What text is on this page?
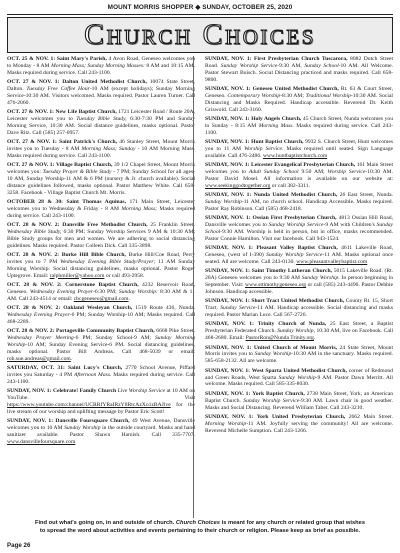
MOUNT MORRIS SHOPPER ◆ SUNDAY, OCTOBER 25, 2020
Church Choices

OCT. 25 & NOV. 1: Saint Mary's Parish, 4 Avon Road, Geneseo welcomes you to Monday - 8 AM Morning Mass; Sunday Morning Masses: 8 AM and 10:15 AM. Masks required during service. Call 243-1100.

OCT. 27 & NOV. 1: Dalton United Methodist Church, 10074 State Street, Dalton. Tuesday Free Coffee Hour-10 AM (except holidays); Sunday Morning Service-10:30 AM. Visitors welcomed. Masks required. Pastor Lauren Turner. Call 476-2060.

OCT. 27 & NOV. 1: New Life Baptist Church, 1721 Leicester Road / Route 20A, Leicester welcomes you to Tuesday Bible Study, 6:30-7:30 PM and Sunday Morning Service, 10:30 AM. Social distance guidelines, masks optional. Pastor Dave Ritz. Call (585) 257-0957.

OCT. 27 & NOV. 1: Saint Patrick's Church, 46 Stanley Street, Mount Morris invites you to Tuesday - 8 AM Morning Mass; Sunday - 10 AM Morning Mass. Masks required during service. Call 243-1100.

OCT. 27 & NOV. 1: Village Baptist Church, 39 1/2 Chapel Street, Mount Morris welcomes you: Tuesday Prayer & Bible Study - 7 PM; Sunday School for all ages-10 AM, Sunday Worship-11 AM & 6 PM (nursery & Jr. church available). Social distance guidelines followed, masks optional. Pastor Matthew White. Call 658-3258. Facebook - Village Baptist Church Mt. Morris.

OCTOBER 28 & 30: Saint Thomas Aquinas, 171 Main Street, Leicester welcomes you to Wednesday & Friday - 8 AM Morning Mass; Masks required during service. Call 243-1100.

OCT. 28 & NOV. 2: Dansville Free Methodist Church, 25 Franklin Street. Wednesday Bible Study, 6:30 PM; Sunday Worship Services 9 AM & 10:30 AM; Bible Study groups for men and women. We are adhering to social distancing guidelines. Masks required. Pastor Colleen Dick. Call 335-3898.

OCT. 28 & NOV. 2: Burke Hill Bible Church, Burke Hill/Coe Road, Perry invites you to 7 PM Wednesday Evening Bible Study/Prayer; 11 AM Sunday Morning Worship. Social distancing guidelines, masks optional. Pastor Roger Uptegrove. Email: ralphmiller@yahoo.com or call 493-2958.

OCT. 28 & NOV. 2: Cornerstone Baptist Church, 4232 Reservoir Road, Geneseo. Wednesday Evening Prayer-6:30 PM; Sunday Worship: 8:30 AM & 11 AM. Call 243-4514 or email: cbcgeneseo@gmail.com.

OCT. 28 & NOV. 2: Oakland Wesleyan Church, 1519 Route 436, Nunda. Wednesday Evening Prayer-6 PM; Sunday Worship-10 AM; Masks required. Call 468-2289.

OCT. 28 & NOV. 2: Portageville Community Baptist Church, 6668 Pike Street. Wednesday Prayer Meeting-6 PM; Sunday School-9 AM; Sunday Morning Worship-10 AM; Sunday Evening Service-6 PM. Social distancing guidelines, masks optional. Pastor Bill Andreas. Call 468-5039 or email: rob.sue.andreas@gmail.com.

SATURDAY, OCT. 31: Saint Lucy's Church, 2770 School Avenue, Piffard invites you Saturday - 4 PM Afternoon Mass. Masks required during service. Call 243-1100.

SUNDAY, NOV. 1: Celebrate! Family Church Live Worship Service at 10 AM on YouTube. Visit https://www.youtube.com/channel/UCRRfYRaIRzY8RtcAzXo1zBAJlve for the live stream of our worship and uplifting message by Pastor Eric Scott!

SUNDAY, NOV. 1: Dansville Foursquare Church, 49 West Avenue, Dansville welcomes you to 10 AM Sunday Worship in the outside courtyard. Masks and hand sanitizer available. Pastor Shawn Harnish. Call 335-7707. www.dansvillefoursquare.com

SUNDAY, NOV. 1: First Presbyterian Church Tuscarora, 8082 Dutch Street Road. Sunday Worship Service-9:30 AM, Sunday School-10 AM. All Welcome. Pastor Stewart Buisch. Social Distancing practiced and masks required. Call 658-9800.

SUNDAY, NOV. 1: Geneseo United Methodist Church, Rt. 63 & Court Street, Geneseo. Contemporary Worship-8:30 AM; Traditional Worship-10:30 AM. Social Distancing and Masks Required. Handicap accessible. Reverend Dr. Keith Griswold. Call 243-3160.

SUNDAY, NOV. 1: Holy Angels Church, 45 Church Street, Nunda welcomes you to Sunday - 8:15 AM Morning Mass. Masks required during service. Call 243-1100.

SUNDAY, NOV. 1: Hunt Baptist Church, 9932 S. Church Street, Hunt welcomes you to 11 AM Worship Service. Masks required until seated. Sign Language available. Call 476-2486. www.huntbaptistchurch.com

SUNDAY, NOV. 1: Leicester Evangelical Presbyterian Church, 161 Main Street welcomes you to Adult Sunday School 9:50 AM; Worship Service-10:30 AM. Pastor David Mosel. All information is available on our website at: www.seekinggodtogether.org or call 382-3311.

SUNDAY, NOV. 1: Nunda United Methodist Church, 26 East Street, Nunda. Sunday Worship-11 AM, no church school. Handicap Accessible. Masks required. Pastor Ray Robinson. Call (585) 468-2418.

SUNDAY, NOV. 1: Ossian First Presbyterian Church, 4813 Ossian Hill Road, Dansville welcomes you to Sunday Worship Service-9 AM with Children's Sunday School-9:30 AM. Worship is held in person, but in office, masks recommended. Pastor Connie Hamilton. Visit our facebook. Call 943-1524.

SUNDAY, NOV. 1: Pleasant Valley Baptist Church, 4611 Lakeville Road, Geneseo, (west of I-390) Sunday Worship Service-11 AM. Masks optional once seated. All are welcome. Call 243-0130. www.pleasantvalleybaptist.com

SUNDAY, NOV. 1: Saint Timothy Lutheran Church, 5015 Lakeville Road. (Rt. 20A) Geneseo welcomes you to 9:30 AM Sunday Worship. In person beginning in September. Visit: www.sttimothygeneseo.org or call (585) 243-4490. Pastor Debbie Johnson. Handicap accessible.

SUNDAY, NOV. 1: Short Tract United Methodist Church, County Rt. 15, Short Tract. Sunday Service-11 AM. Handicap accessible. Social distancing and masks required. Pastor Marian Luce. Call 567-2726.

SUNDAY, NOV. 1: Trinity Church of Nunda, 25 East Street, a Baptist Presbyterian Federated Church. Sunday Worship, 10:30 AM, live on Facebook. Call 468-2680. Email: PastorRon@Nunda Trinity.org.

SUNDAY, NOV. 1: United Church of Mount Morris, 24 State Street, Mount Morris invites you to Sunday Worship-10:30 AM in the sanctuary. Masks required. 585-658-2132. All are welcome.

SUNDAY, NOV. 1: West Sparta United Methodist Church, corner of Redmond and Green Roads, West Sparta Sunday Worship-9 AM. Pastor Dawn Merritt. All welcome. Masks required. Call 585-335-8030.

SUNDAY, NOV. 1: York Baptist Church, 2738 Main Street, York, an American Baptist Church. Sunday Worship Service-9:30 AM. Lawn chair in good weather. Masks and Social Distancing. Reverend William Taber. Call 243-3210.

SUNDAY, NOV. 1: York United Presbyterian Church, 2662 Main Street. Morning Worship-11 AM. Joyfully serving the community! All are welcome. Reverend Michelle Sumption. Call 243-1266.

Find out what's going on, in and outside of church. Church Choices is meant for any church or related group that wishes
to spread the word about activities and events pertaining to their church or religion. Please keep as brief as possible.
Page 26
